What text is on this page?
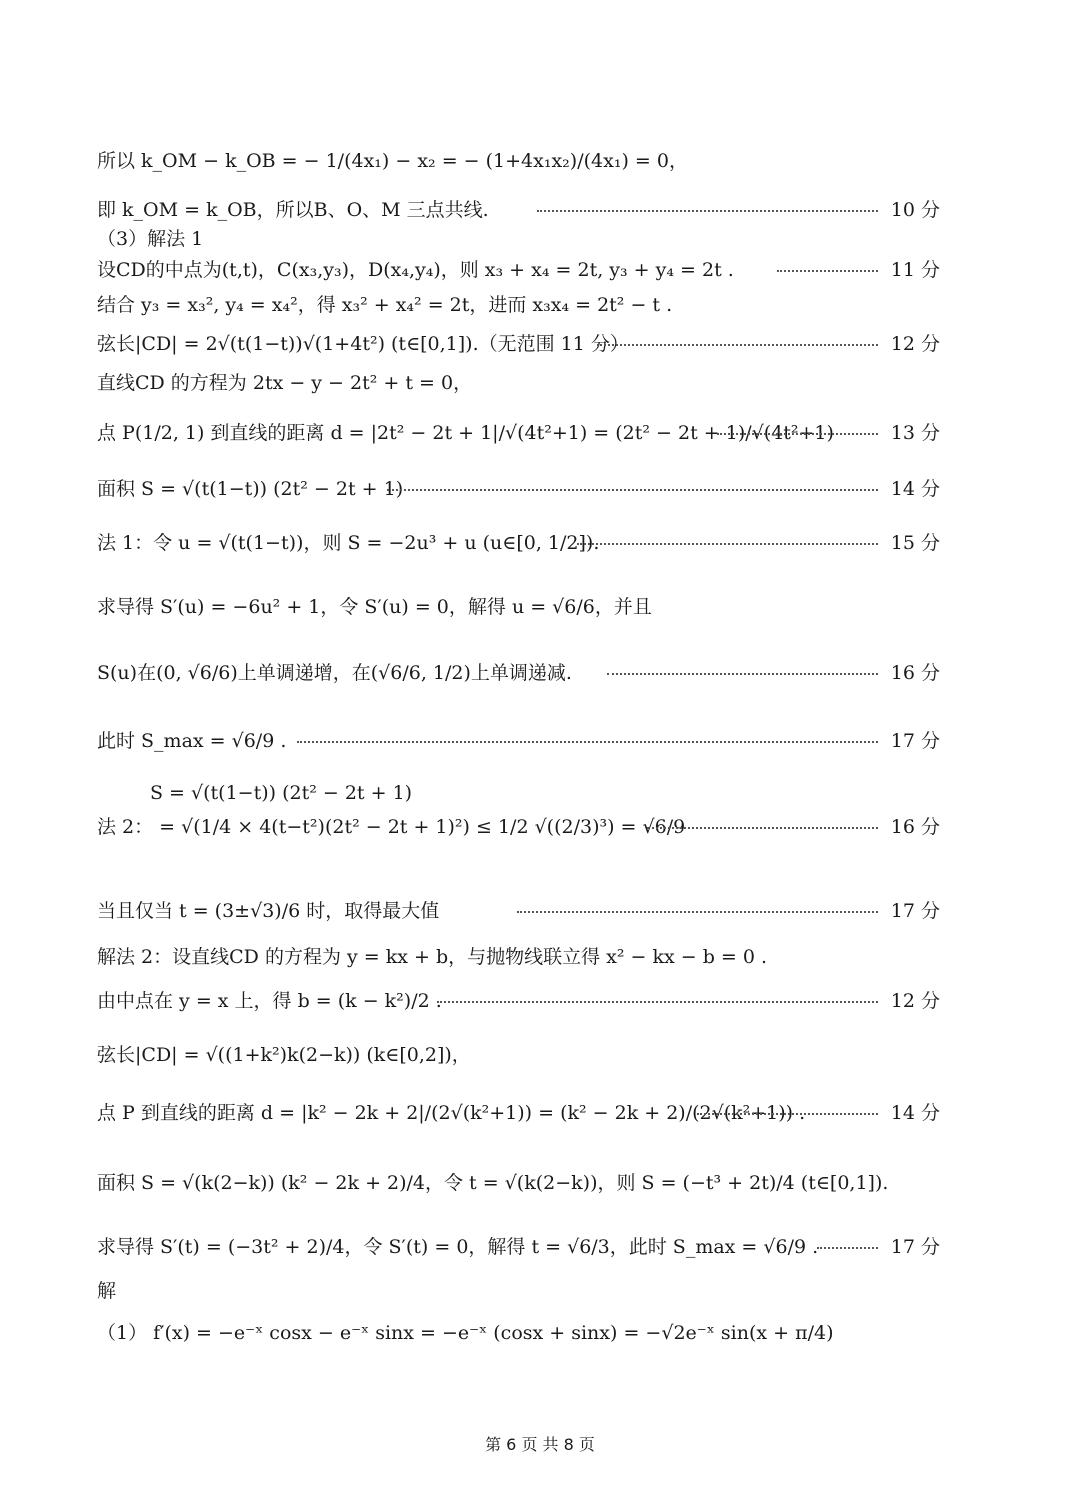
所以 k_OM − k_OB = − 1/(4x₁) − x₂ = − (1+4x₁x₂)/(4x₁) = 0，
即 k_OM = k_OB，所以B、O、M 三点共线.	10 分
（3）解法 1
设CD的中点为(t,t)，C(x₃,y₃)，D(x₄,y₄)，则 x₃ + x₄ = 2t, y₃ + y₄ = 2t .	11 分
结合 y₃ = x₃², y₄ = x₄²，得 x₃² + x₄² = 2t，进而 x₃x₄ = 2t² − t .
弦长|CD| = 2√(t(1−t))√(1+4t²) (t∈[0,1]).（无范围 11 分）	12 分
直线CD 的方程为 2tx − y − 2t² + t = 0，
点 P(1/2, 1) 到直线的距离 d = |2t² − 2t + 1|/√(4t²+1) = (2t² − 2t + 1)/√(4t²+1)	13 分
面积 S = √(t(1−t)) (2t² − 2t + 1)	14 分
法 1：令 u = √(t(1−t))，则 S = −2u³ + u (u∈[0, 1/2]).	15 分
求导得 S′(u) = −6u² + 1，令 S′(u) = 0，解得 u = √6/6，并且
S(u)在(0, √6/6)上单调递增，在(√6/6, 1/2)上单调递减.	16 分
此时 S_max = √6/9 .	17 分
S = √(t(1−t)) (2t² − 2t + 1)
法 2： = √(1/4 × 4(t−t²)(2t² − 2t + 1)²) ≤ 1/2 √((2/3)³) = √6/9	16 分
当且仅当 t = (3±√3)/6 时，取得最大值	17 分
解法 2：设直线CD 的方程为 y = kx + b，与抛物线联立得 x² − kx − b = 0 .
由中点在 y = x 上，得 b = (k − k²)/2 .	12 分
弦长|CD| = √((1+k²)k(2−k)) (k∈[0,2])，
点 P 到直线的距离 d = |k² − 2k + 2|/(2√(k²+1)) = (k² − 2k + 2)/(2√(k²+1)) .	14 分
面积 S = √(k(2−k)) (k² − 2k + 2)/4，令 t = √(k(2−k))，则 S = (−t³ + 2t)/4 (t∈[0,1]).
求导得 S′(t) = (−3t² + 2)/4，令 S′(t) = 0，解得 t = √6/3，此时 S_max = √6/9 .	17 分
解
（1） f′(x) = −e⁻ˣ cosx − e⁻ˣ sinx = −e⁻ˣ (cosx + sinx) = −√2e⁻ˣ sin(x + π/4)
第 6 页 共 8 页
